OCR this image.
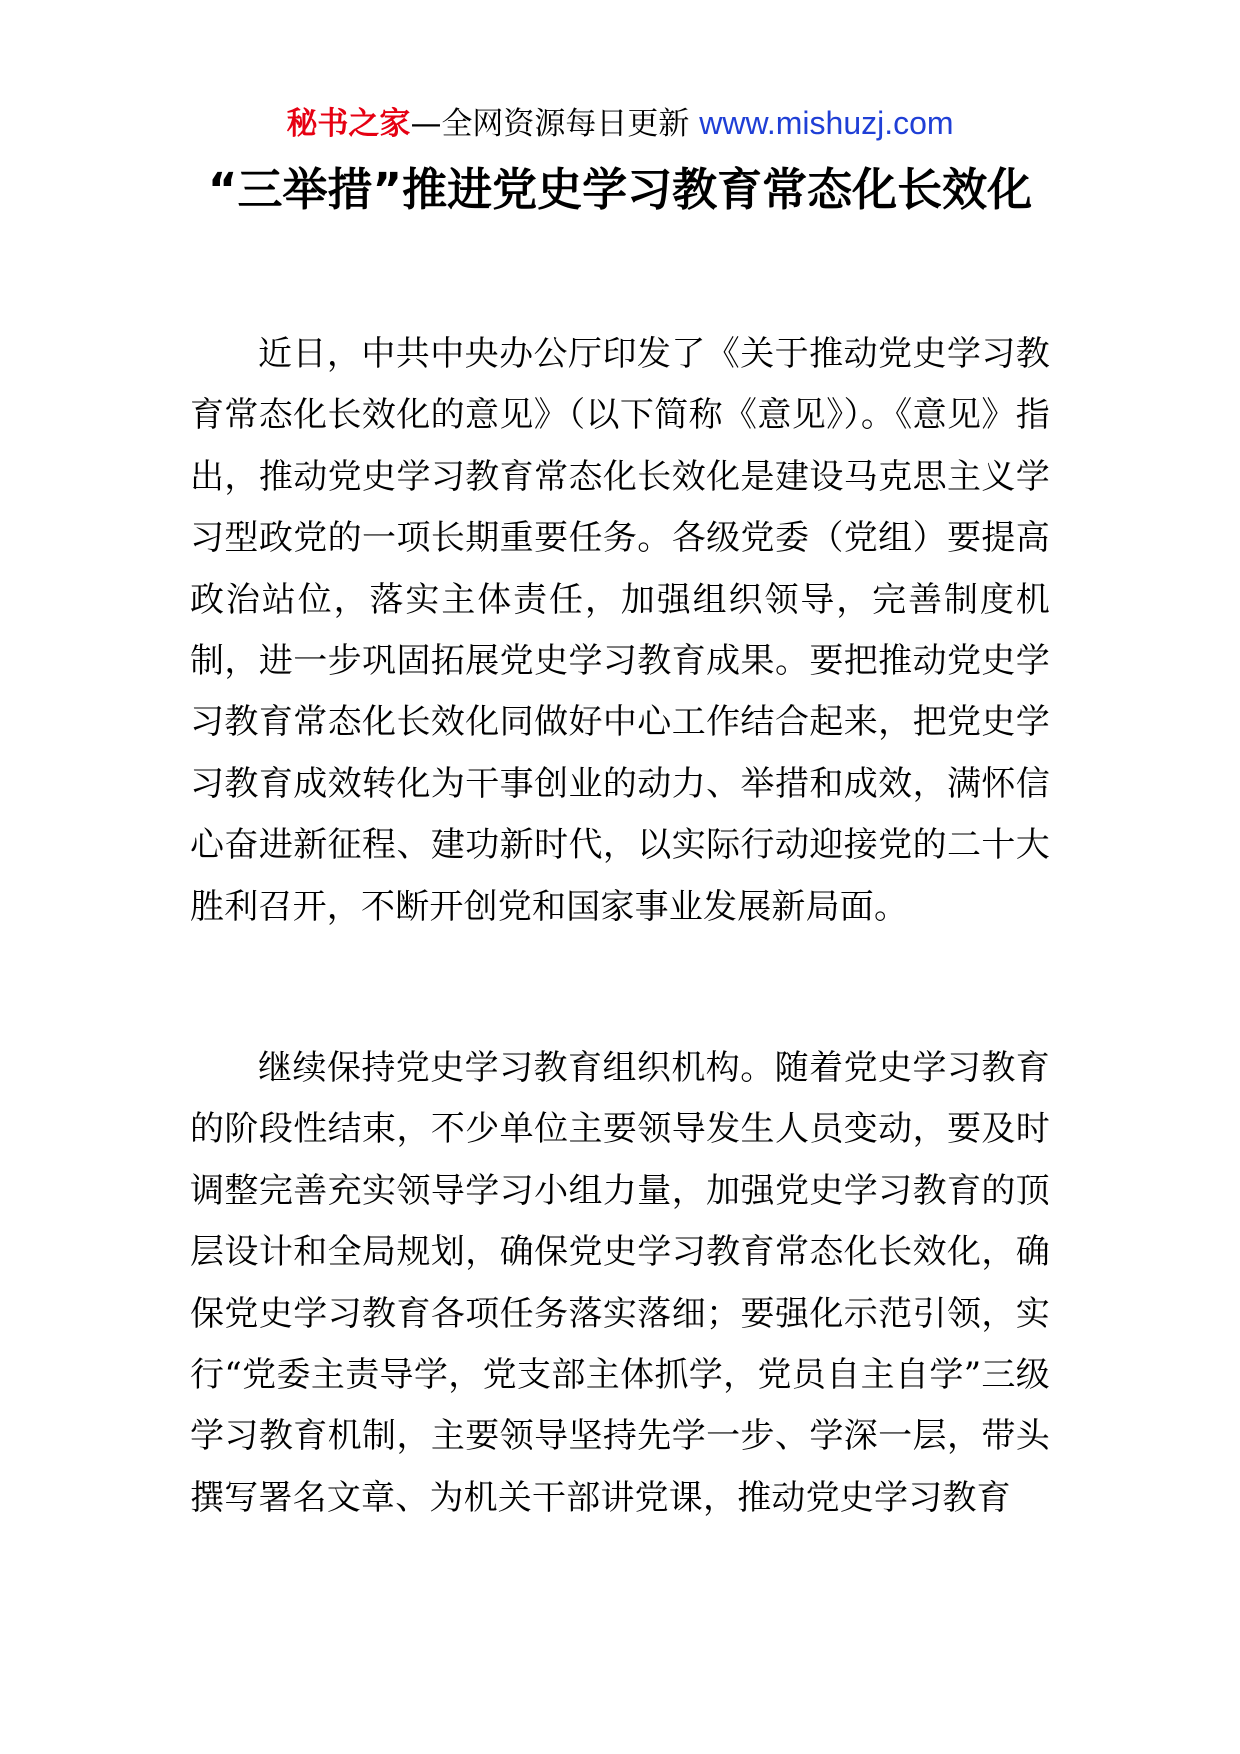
秘书之家—全网资源每日更新 www.mishuzj.com
“三举措”推进党史学习教育常态化长效化

近日，中共中央办公厅印发了《关于推动党史学习教育常态化长效化的意见》（以下简称《意见》）。《意见》指出，推动党史学习教育常态化长效化是建设马克思主义学习型政党的一项长期重要任务。各级党委（党组）要提高政治站位，落实主体责任，加强组织领导，完善制度机制，进一步巩固拓展党史学习教育成果。要把推动党史学习教育常态化长效化同做好中心工作结合起来，把党史学习教育成效转化为干事创业的动力、举措和成效，满怀信心奋进新征程、建功新时代，以实际行动迎接党的二十大胜利召开，不断开创党和国家事业发展新局面。

继续保持党史学习教育组织机构。随着党史学习教育的阶段性结束，不少单位主要领导发生人员变动，要及时调整完善充实领导学习小组力量，加强党史学习教育的顶层设计和全局规划，确保党史学习教育常态化长效化，确保党史学习教育各项任务落实落细；要强化示范引领，实行“党委主责导学，党支部主体抓学，党员自主自学”三级学习教育机制，主要领导坚持先学一步、学深一层，带头撰写署名文章、为机关干部讲党课，推动党史学习教育
